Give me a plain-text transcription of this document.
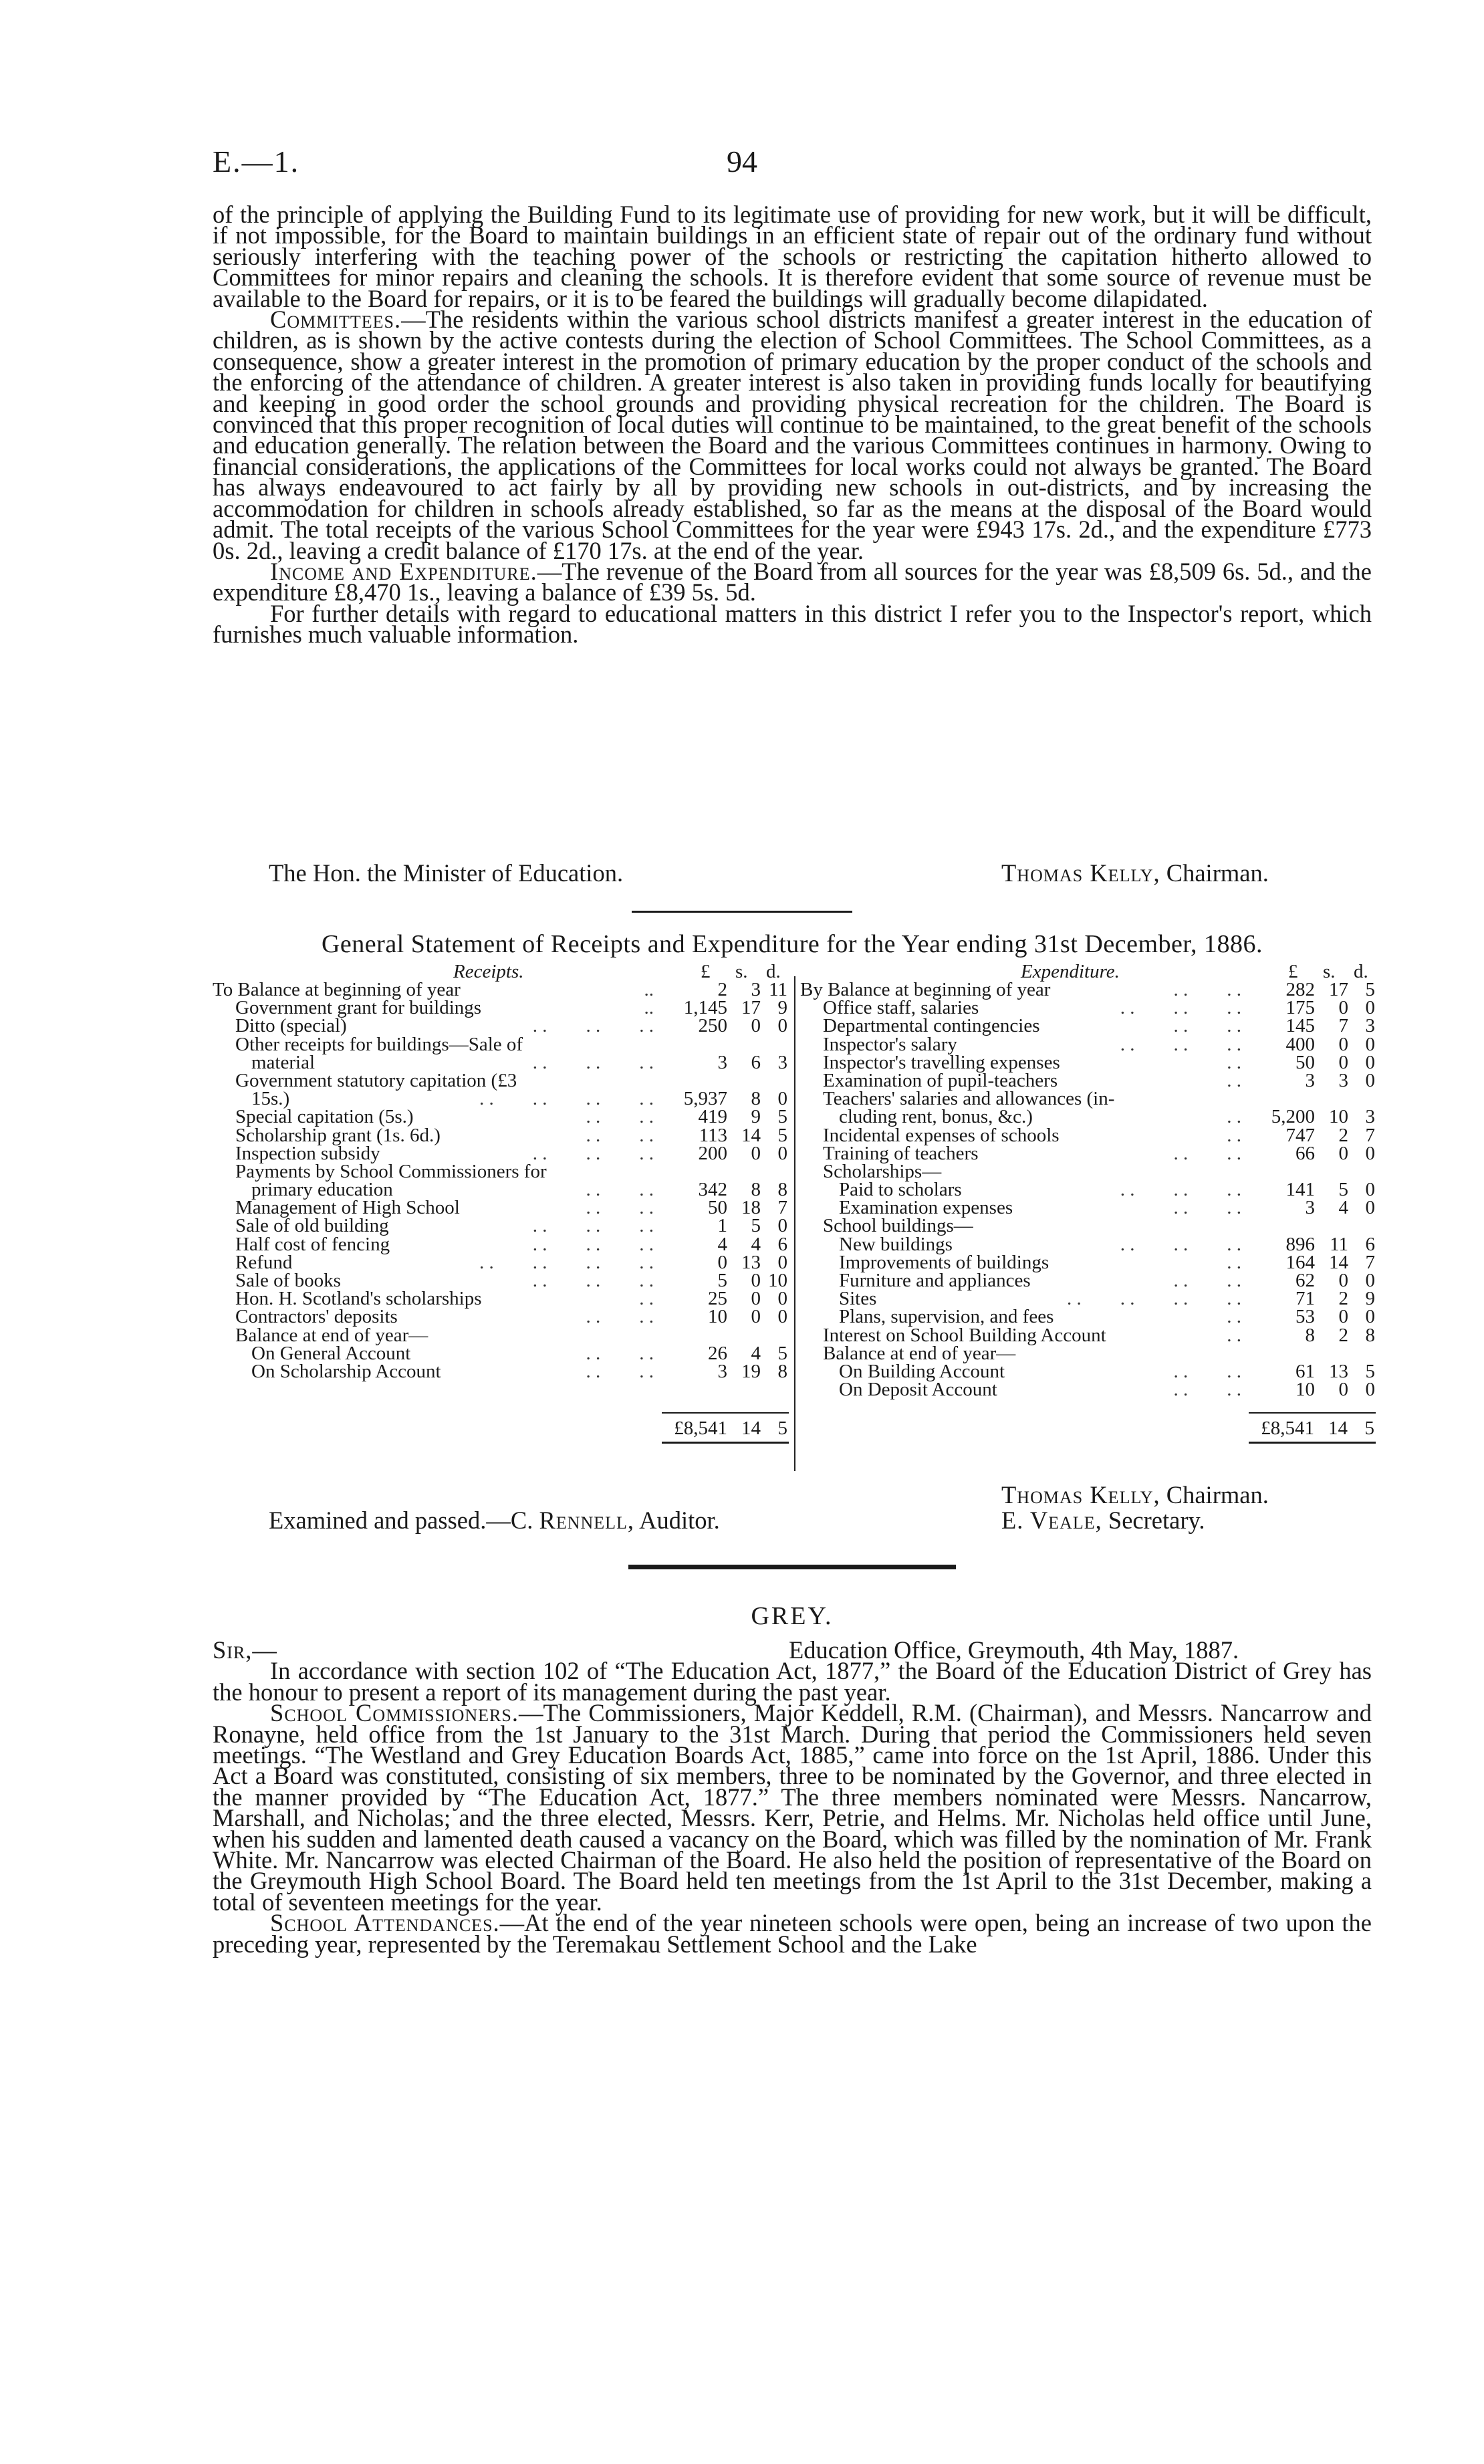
E.—1.	94

of the principle of applying the Building Fund to its legitimate use of providing for new work, but it will be difficult, if not impossible, for the Board to maintain buildings in an efficient state of repair out of the ordinary fund without seriously interfering with the teaching power of the schools or restricting the capitation hitherto allowed to Committees for minor repairs and cleaning the schools. It is therefore evident that some source of revenue must be available to the Board for repairs, or it is to be feared the buildings will gradually become dilapidated.

Committees.—The residents within the various school districts manifest a greater interest in the education of children, as is shown by the active contests during the election of School Committees. The School Committees, as a consequence, show a greater interest in the promotion of primary education by the proper conduct of the schools and the enforcing of the attendance of children. A greater interest is also taken in providing funds locally for beautifying and keeping in good order the school grounds and providing physical recreation for the children. The Board is convinced that this proper recognition of local duties will continue to be maintained, to the great benefit of the schools and education generally. The relation between the Board and the various Committees continues in harmony. Owing to financial considerations, the applications of the Committees for local works could not always be granted. The Board has always endeavoured to act fairly by all by providing new schools in out-districts, and by increasing the accommodation for children in schools already established, so far as the means at the disposal of the Board would admit. The total receipts of the various School Committees for the year were £943 17s. 2d., and the expenditure £773 0s. 2d., leaving a credit balance of £170 17s. at the end of the year.

Income and Expenditure.—The revenue of the Board from all sources for the year was £8,509 6s. 5d., and the expenditure £8,470 1s., leaving a balance of £39 5s. 5d.

For further details with regard to educational matters in this district I refer you to the Inspector's report, which furnishes much valuable information.

The Hon. the Minister of Education.	Thomas Kelly, Chairman.
General Statement of Receipts and Expenditure for the Year ending 31st December, 1886.
Receipts.	£ s. d.
To Balance at beginning of year	..	2	3 11
Government grant for buildings	..	1,145 17 9
Ditto (special)	. .        . .        . .	250	0 0
Other receipts for buildings—Sale of
material	. .        . .        . .	3	6 3
Government statutory capitation (£3
15s.)	. .        . .        . .        . .	5,937	8 0
Special capitation (5s.)	. .        . .	419	9 5
Scholarship grant (1s. 6d.)	. .        . .	113 14 5
Inspection subsidy	. .        . .        . .	200	0 0
Payments by School Commissioners for
primary education	. .        . .	342	8 8
Management of High School	. .        . .	50 18 7
Sale of old building	. .        . .        . .	1	5 0
Half cost of fencing	. .        . .        . .	4	4 6
Refund	. .        . .        . .        . .	0 13 0
Sale of books	. .        . .        . .	5	0 10
Hon. H. Scotland's scholarships	. .	25	0 0
Contractors' deposits	. .        . .	10	0 0
Balance at end of year—
On General Account	. .        . .	26	4 5
On Scholarship Account	. .        . .	3 19 8
Expenditure.	£ s. d.
By Balance at beginning of year	. .        . .	282 17 5
Office staff, salaries	. .        . .        . .	175	0 0
Departmental contingencies	. .        . .	145	7 3
Inspector's salary	. .        . .        . .	400	0 0
Inspector's travelling expenses	. .	50	0 0
Examination of pupil-teachers	. .	3	3 0
Teachers' salaries and allowances (in-
cluding rent, bonus, &c.)	. .	5,200 10 3
Incidental expenses of schools	. .	747	2 7
Training of teachers	. .        . .	66	0 0
Scholarships—
Paid to scholars	. .        . .        . .	141	5 0
Examination expenses	. .        . .	3	4 0
School buildings—
New buildings	. .        . .        . .	896 11 6
Improvements of buildings	. .	164 14 7
Furniture and appliances	. .        . .	62	0 0
Sites	. .        . .        . .        . .	71	2 9
Plans, supervision, and fees	. .	53	0 0
Interest on School Building Account	. .	8	2 8
Balance at end of year—
On Building Account	. .        . .	61 13 5
On Deposit Account	. .        . .	10	0 0
£8,541 14 5	£8,541 14 5
Thomas Kelly, Chairman.
Examined and passed.—C. Rennell, Auditor.	E. Veale, Secretary.
GREY.

Sir,—	Education Office, Greymouth, 4th May, 1887.

In accordance with section 102 of “The Education Act, 1877,” the Board of the Education District of Grey has the honour to present a report of its management during the past year.

School Commissioners.—The Commissioners, Major Keddell, R.M. (Chairman), and Messrs. Nancarrow and Ronayne, held office from the 1st January to the 31st March. During that period the Commissioners held seven meetings. “The Westland and Grey Education Boards Act, 1885,” came into force on the 1st April, 1886. Under this Act a Board was constituted, consisting of six members, three to be nominated by the Governor, and three elected in the manner provided by “The Education Act, 1877.” The three members nominated were Messrs. Nancarrow, Marshall, and Nicholas; and the three elected, Messrs. Kerr, Petrie, and Helms. Mr. Nicholas held office until June, when his sudden and lamented death caused a vacancy on the Board, which was filled by the nomination of Mr. Frank White. Mr. Nancarrow was elected Chairman of the Board. He also held the position of representative of the Board on the Greymouth High School Board. The Board held ten meetings from the 1st April to the 31st December, making a total of seventeen meetings for the year.

School Attendances.—At the end of the year nineteen schools were open, being an increase of two upon the preceding year, represented by the Teremakau Settlement School and the Lake
